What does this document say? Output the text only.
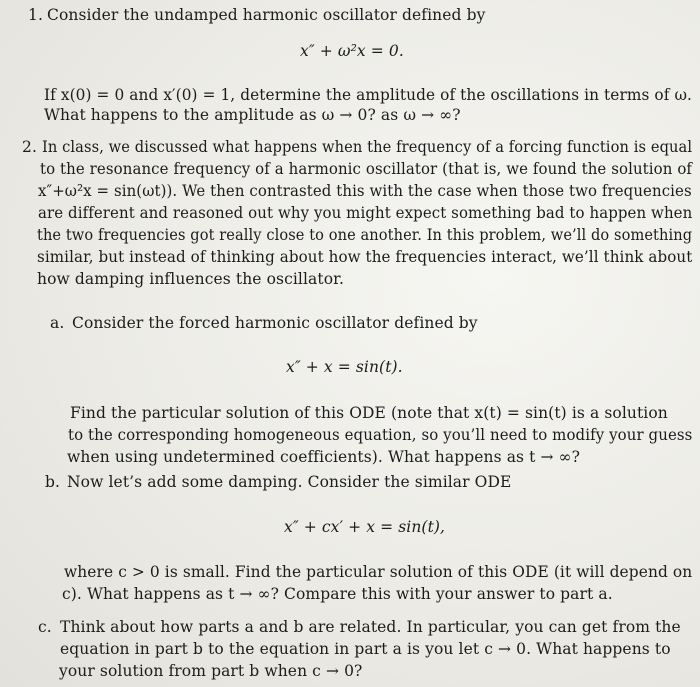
1. Consider the undamped harmonic oscillator defined by
x″ + ω²x = 0.
If x(0) = 0 and x′(0) = 1, determine the amplitude of the oscillations in terms of ω.
What happens to the amplitude as ω → 0? as ω → ∞?
2. In class, we discussed what happens when the frequency of a forcing function is equal
to the resonance frequency of a harmonic oscillator (that is, we found the solution of
x″+ω²x = sin(ωt)). We then contrasted this with the case when those two frequencies
are different and reasoned out why you might expect something bad to happen when
the two frequencies got really close to one another. In this problem, we’ll do something
similar, but instead of thinking about how the frequencies interact, we’ll think about
how damping influences the oscillator.
a. Consider the forced harmonic oscillator defined by
x″ + x = sin(t).
Find the particular solution of this ODE (note that x(t) = sin(t) is a solution
to the corresponding homogeneous equation, so you’ll need to modify your guess
when using undetermined coefficients). What happens as t → ∞?
b. Now let’s add some damping. Consider the similar ODE
x″ + cx′ + x = sin(t),
where c > 0 is small. Find the particular solution of this ODE (it will depend on
c). What happens as t → ∞? Compare this with your answer to part a.
c. Think about how parts a and b are related. In particular, you can get from the
equation in part b to the equation in part a is you let c → 0. What happens to
your solution from part b when c → 0?
